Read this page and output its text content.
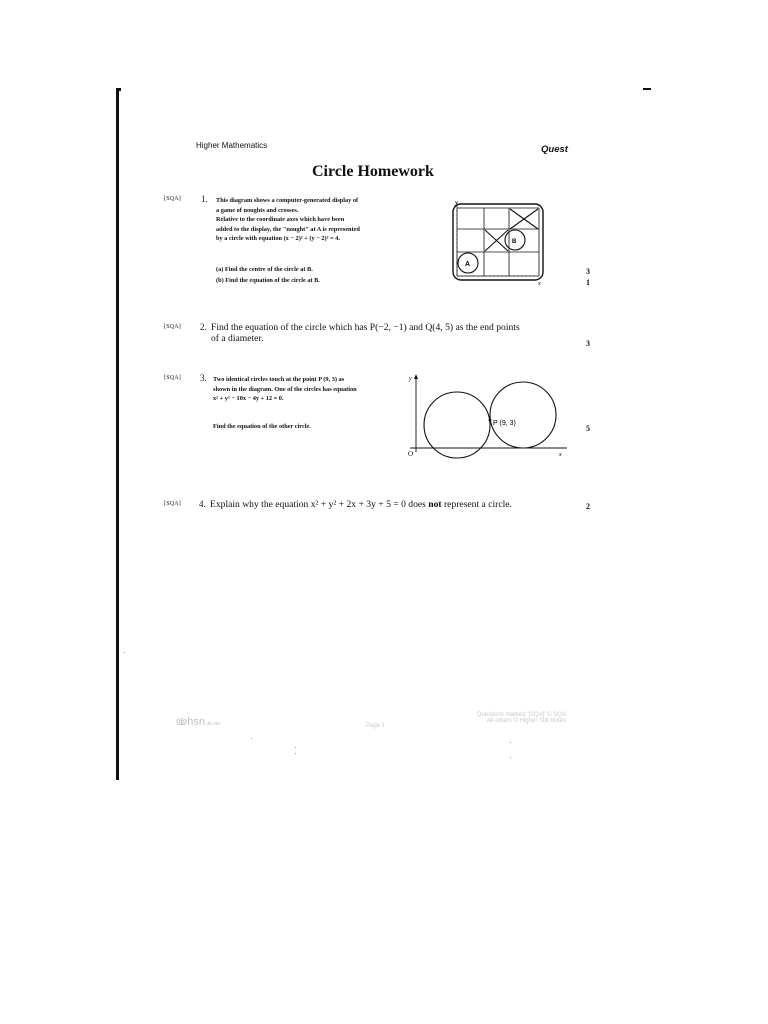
Higher Mathematics	Quest
Circle Homework
[SQA] 1. This diagram shows a computer-generated display of
a game of noughts and crosses.
Relative to the coordinate axes which have been
added to the display, the "nought" at A is represented
by a circle with equation (x − 2)² + (y − 2)² = 4.
(a) Find the centre of the circle at B.
(b) Find the equation of the circle at B.
3
1
A
B
y
x
[SQA] 2. Find the equation of the circle which has P(−2, −1) and Q(4, 5) as the end points
of a diameter.	3
[SQA] 3. Two identical circles touch at the point P (9, 3) as
shown in the diagram. One of the circles has equation
x² + y² − 10x − 4y + 12 = 0.
Find the equation of the other circle.	5
y
x
O
P (9, 3)
[SQA] 4. Explain why the equation x² + y² + 2x + 3y + 5 = 0 does not represent a circle.	2
ↂhsn.uk.net	Page 1
Questions marked '[SQA]' © SQA
All others © Higher Still Notes
